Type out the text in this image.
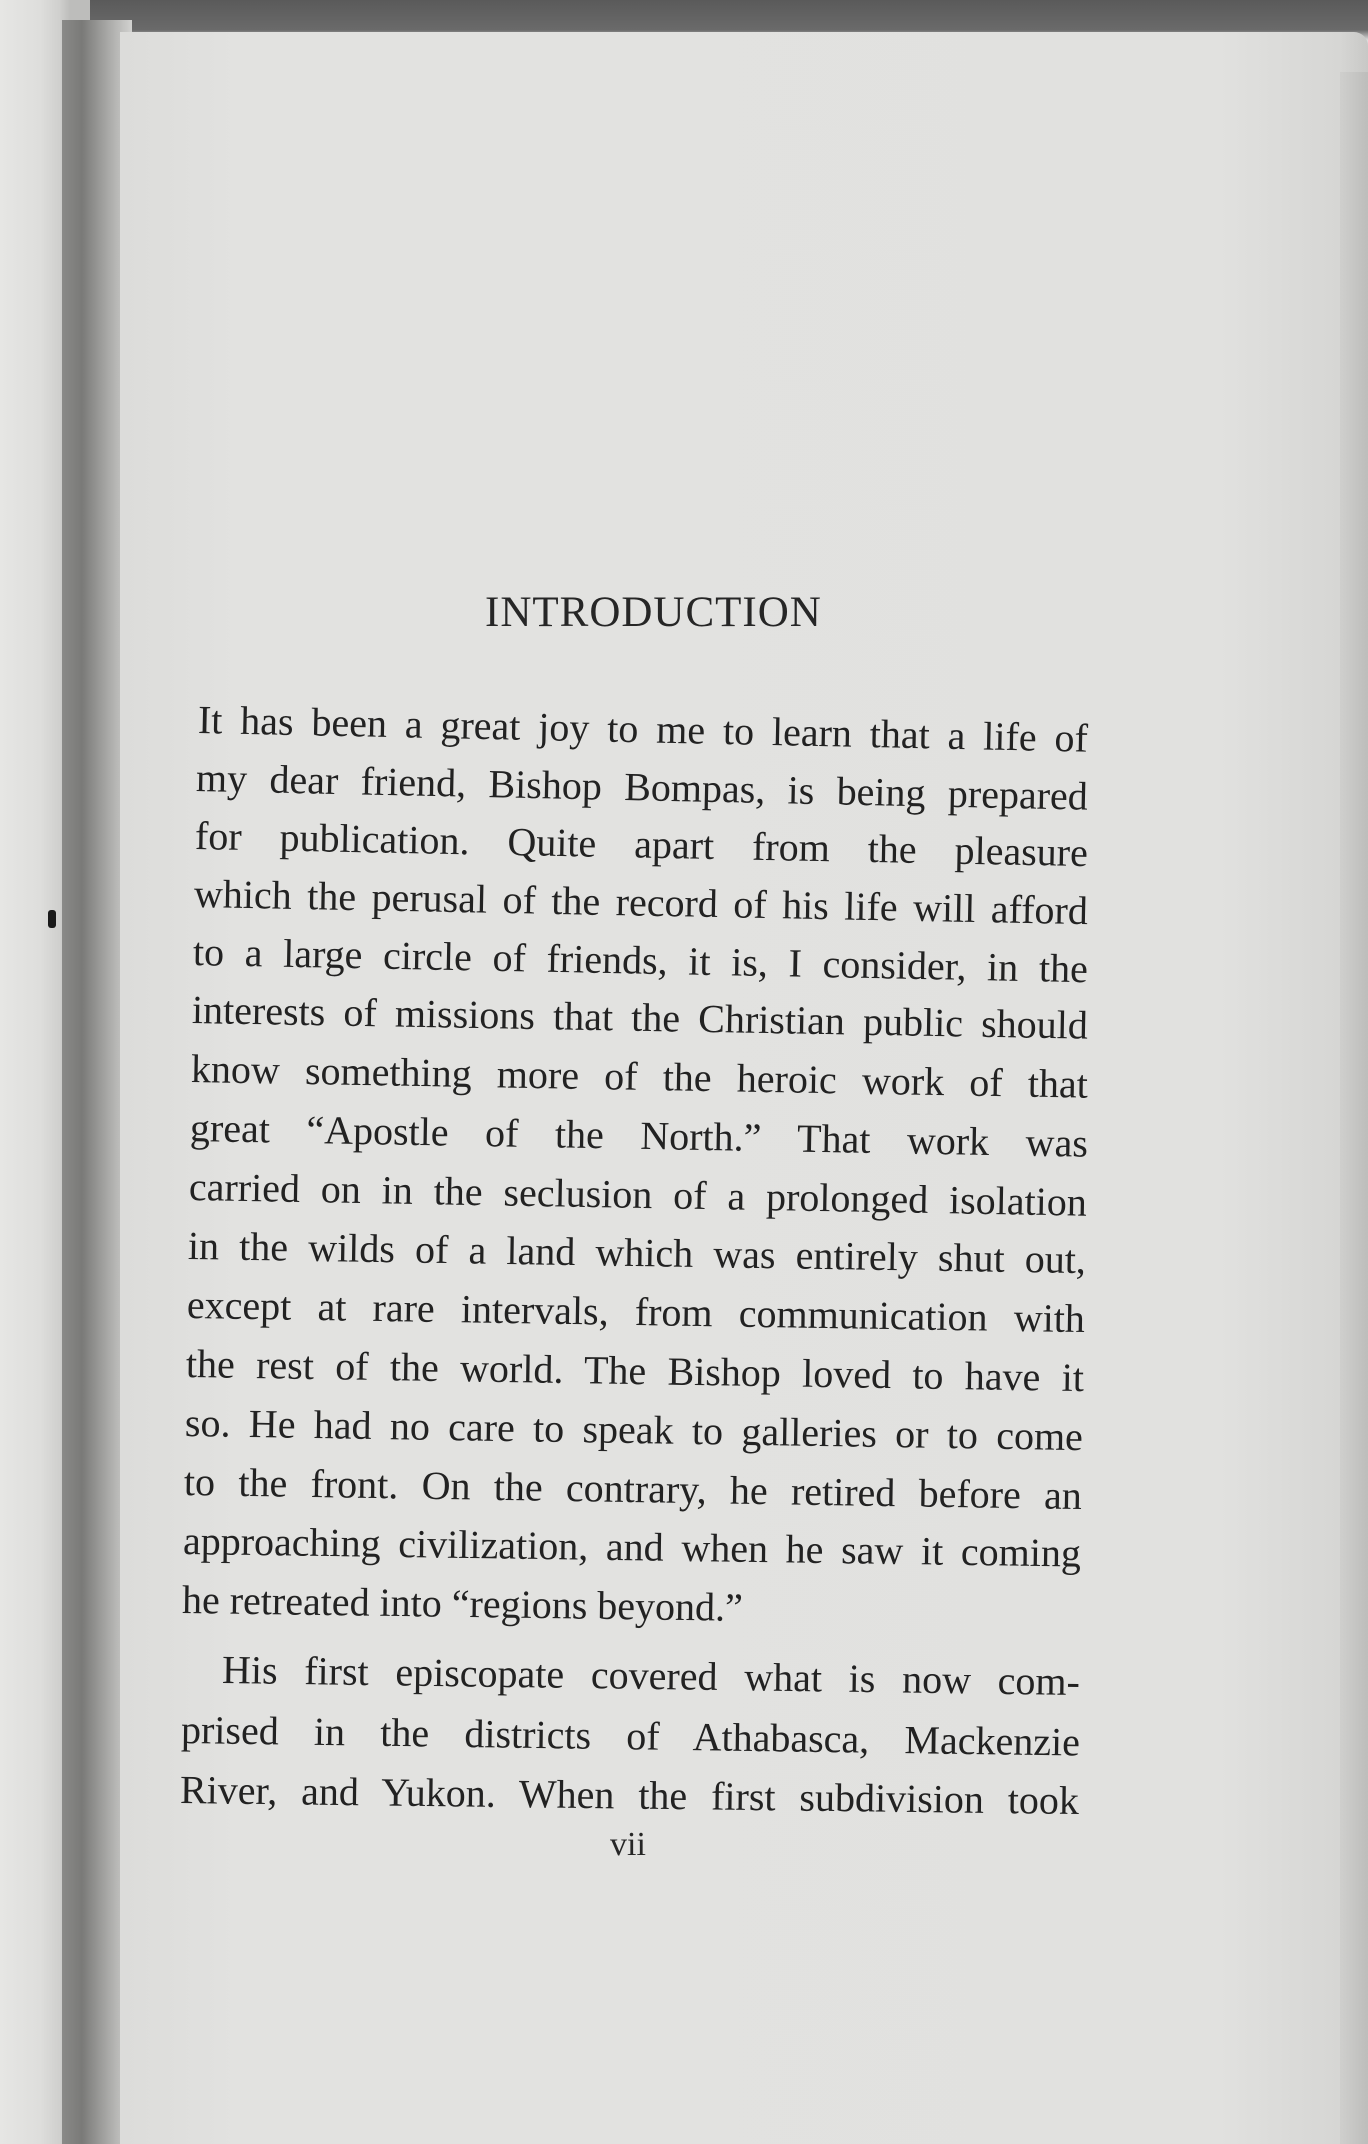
INTRODUCTION
It has been a great joy to me to learn that a life of
my dear friend, Bishop Bompas, is being prepared
for publication. Quite apart from the pleasure
which the perusal of the record of his life will afford
to a large circle of friends, it is, I consider, in the
interests of missions that the Christian public should
know something more of the heroic work of that
great “Apostle of the North.” That work was
carried on in the seclusion of a prolonged isolation
in the wilds of a land which was entirely shut out,
except at rare intervals, from communication with
the rest of the world. The Bishop loved to have it
so. He had no care to speak to galleries or to come
to the front. On the contrary, he retired before an
approaching civilization, and when he saw it coming
he retreated into “regions beyond.”
His first episcopate covered what is now com-
prised in the districts of Athabasca, Mackenzie
River, and Yukon. When the first subdivision took
vii
